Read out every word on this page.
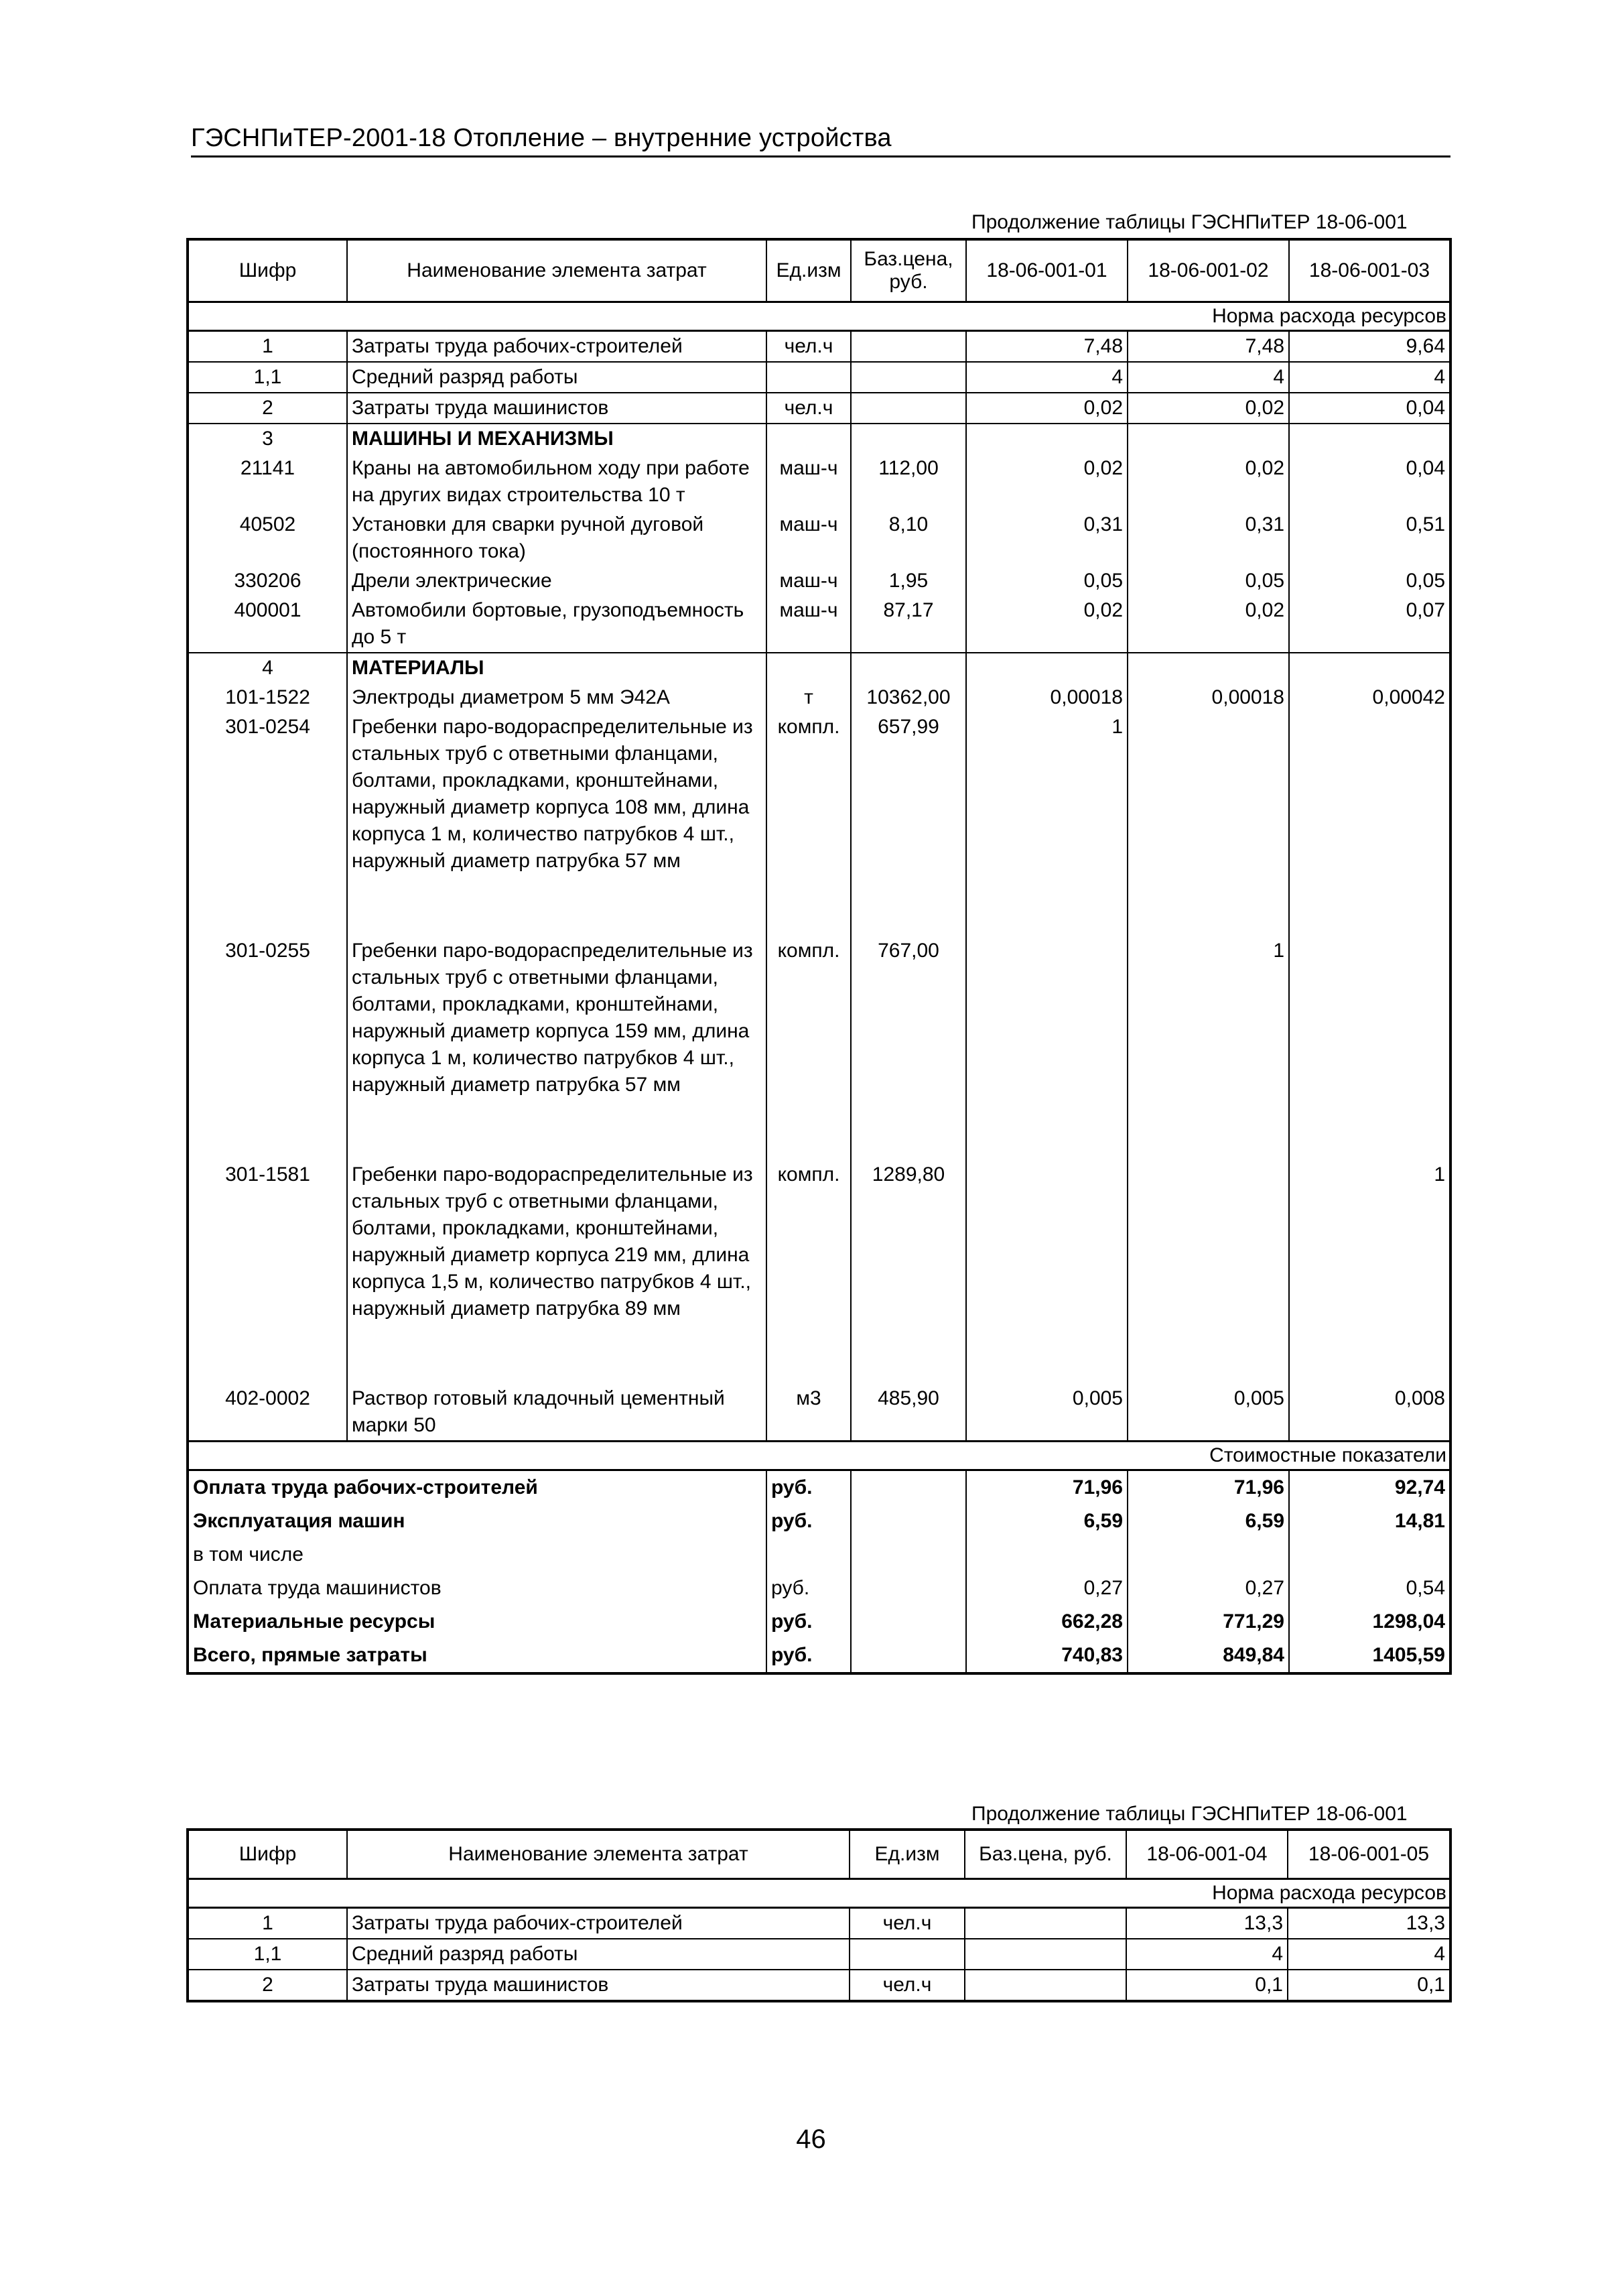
ГЭСНПиТЕР-2001-18 Отопление – внутренние устройства
Продолжение таблицы ГЭСНПиТЕР 18-06-001
Шифр	Наименование элемента затрат	Ед.изм	Баз.цена, руб.	18-06-001-01	18-06-001-02	18-06-001-03
Норма расхода ресурсов						
1	Затраты труда рабочих-строителей	чел.ч		7,48	7,48	9,64
1,1	Средний разряд работы			4	4	4
2	Затраты труда машинистов	чел.ч		0,02	0,02	0,04
3	МАШИНЫ И МЕХАНИЗМЫ					
21141	Краны на автомобильном ходу при работе на других видах строительства 10 т	маш-ч	112,00	0,02	0,02	0,04
40502	Установки для сварки ручной дуговой (постоянного тока)	маш-ч	8,10	0,31	0,31	0,51
330206	Дрели электрические	маш-ч	1,95	0,05	0,05	0,05
400001	Автомобили бортовые, грузоподъемность до 5 т	маш-ч	87,17	0,02	0,02	0,07
4	МАТЕРИАЛЫ					
101-1522	Электроды диаметром 5 мм Э42А	т	10362,00	0,00018	0,00018	0,00042
301-0254	Гребенки паро-водораспределительные из стальных труб с ответными фланцами, болтами, прокладками, кронштейнами, наружный диаметр корпуса 108 мм, длина корпуса 1 м, количество патрубков 4 шт., наружный диаметр патрубка 57 мм	компл.	657,99	1		
301-0255	Гребенки паро-водораспределительные из стальных труб с ответными фланцами, болтами, прокладками, кронштейнами, наружный диаметр корпуса 159 мм, длина корпуса 1 м, количество патрубков 4 шт., наружный диаметр патрубка 57 мм	компл.	767,00		1	
301-1581	Гребенки паро-водораспределительные из стальных труб с ответными фланцами, болтами, прокладками, кронштейнами, наружный диаметр корпуса 219 мм, длина корпуса 1,5 м, количество патрубков 4 шт., наружный диаметр патрубка 89 мм	компл.	1289,80			1
402-0002	Раствор готовый кладочный цементный марки 50	м3	485,90	0,005	0,005	0,008
Стоимостные показатели						
Оплата труда рабочих-строителей		руб.		71,96	71,96	92,74
Эксплуатация машин		руб.		6,59	6,59	14,81
в том числе						
Оплата труда машинистов		руб.		0,27	0,27	0,54
Материальные ресурсы		руб.		662,28	771,29	1298,04
Всего, прямые затраты		руб.		740,83	849,84	1405,59
Продолжение таблицы ГЭСНПиТЕР 18-06-001
Шифр	Наименование элемента затрат	Ед.изм	Баз.цена, руб.	18-06-001-04	18-06-001-05
Норма расхода ресурсов					
1	Затраты труда рабочих-строителей	чел.ч		13,3	13,3
1,1	Средний разряд работы			4	4
2	Затраты труда машинистов	чел.ч		0,1	0,1
46
